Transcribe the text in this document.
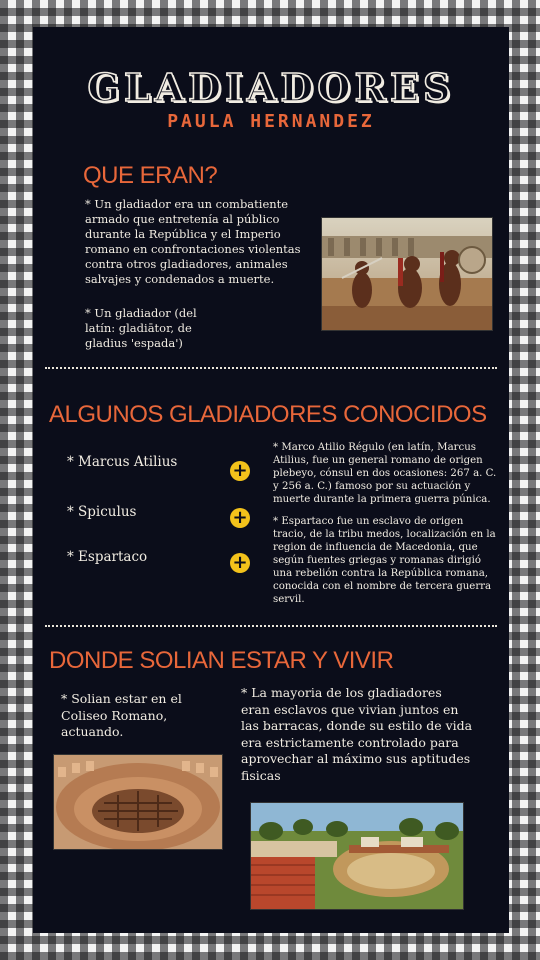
GLADIADORES
PAULA HERNANDEZ
QUE ERAN?
* Un gladiador era un combatiente armado que entretenía al público durante la República y el Imperio romano en confrontaciones violentas contra otros gladiadores, animales salvajes y condenados a muerte.
* Un gladiador (del latín: gladiātor, de gladius 'espada')
ALGUNOS GLADIADORES CONOCIDOS
* Marcus Atilius
* Spiculus
* Espartaco
+
+
+
* Marco Atilio Régulo (en latín, Marcus Atilius, fue un general romano de origen plebeyo, cónsul en dos ocasiones: 267 a. C. y 256 a. C.) famoso por su actuación y muerte durante la primera guerra púnica.
* Espartaco fue un esclavo de origen tracio, de la tribu medos, localización en la region de influencia de Macedonia, que según fuentes griegas y romanas dirigió una rebelión contra la República romana, conocida con el nombre de tercera guerra servil.
DONDE SOLIAN ESTAR Y VIVIR
* Solian estar en el Coliseo Romano, actuando.
* La mayoria de los gladiadores eran esclavos que vivian juntos en las barracas, donde su estilo de vida era estrictamente controlado para aprovechar al máximo sus aptitudes fisicas
